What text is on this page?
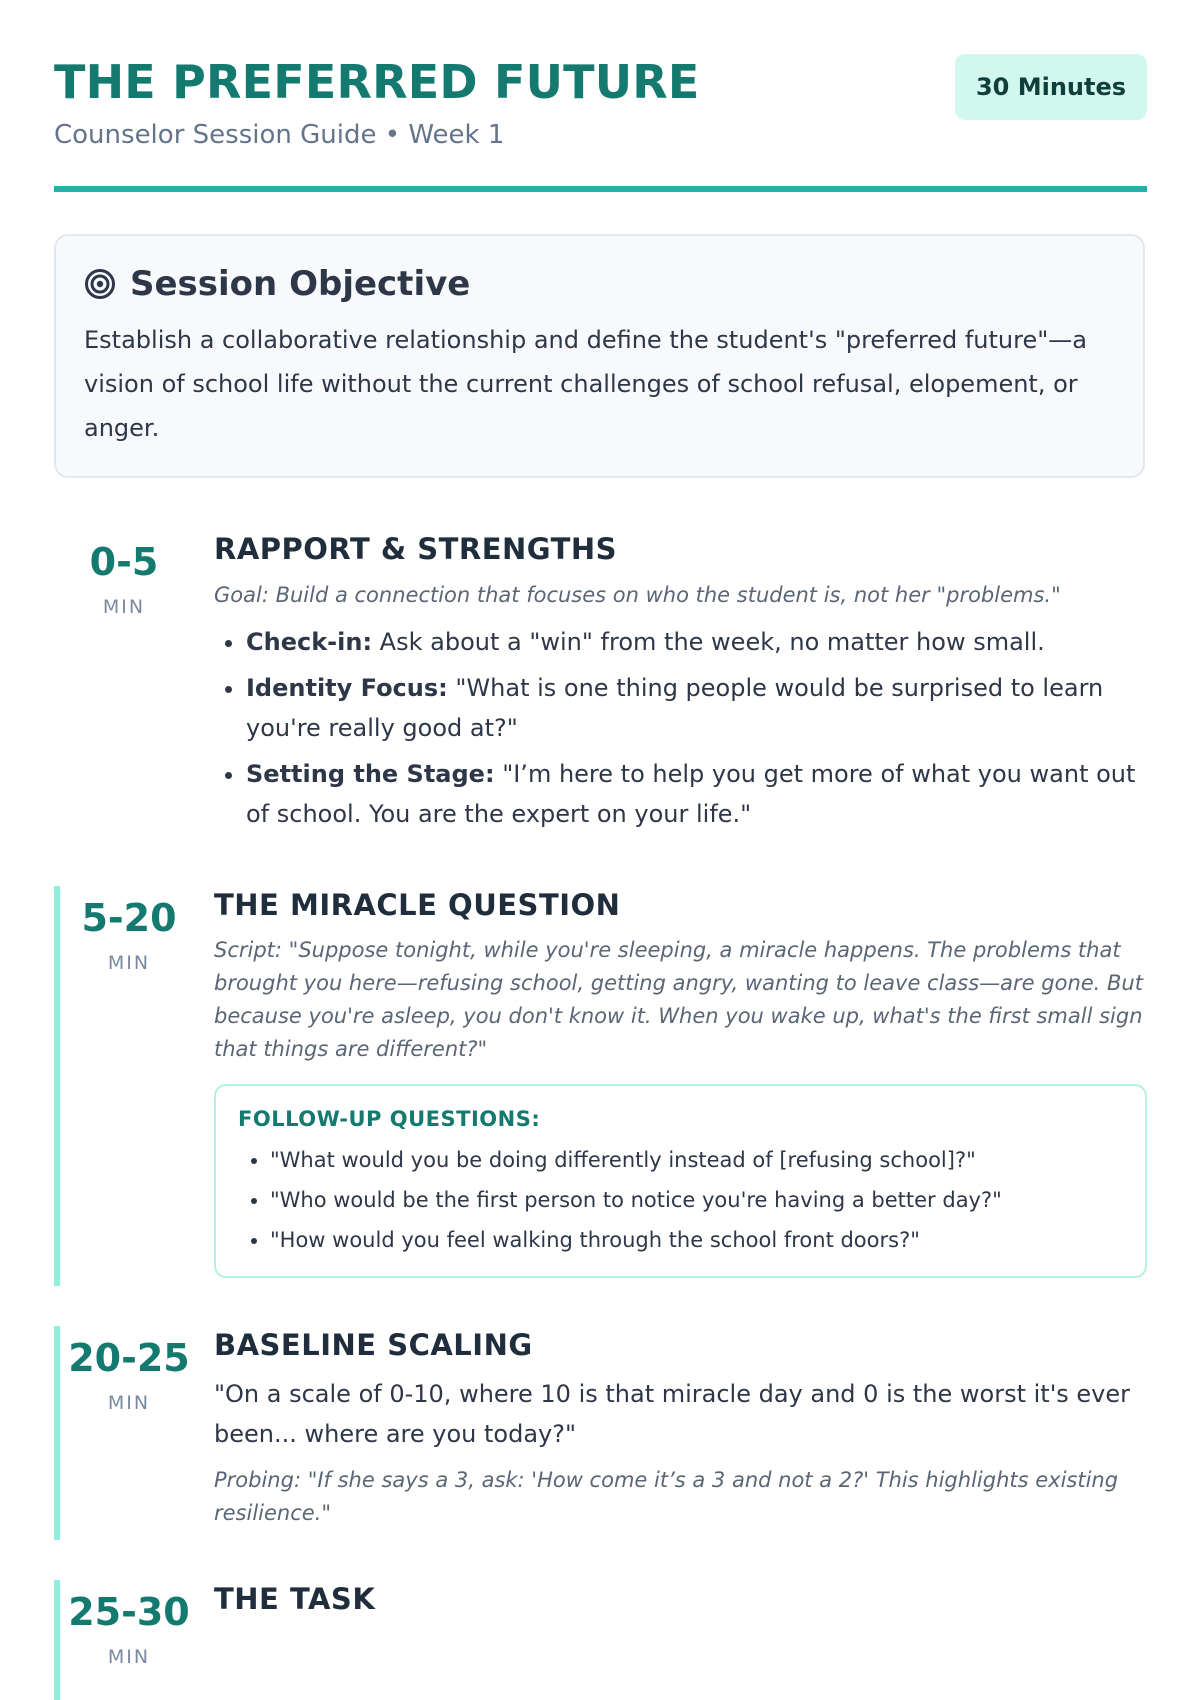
THE PREFERRED FUTURE
Counselor Session Guide • Week 1
30 Minutes
Session Objective
Establish a collaborative relationship and define the student's "preferred future"—a vision of school life without the current challenges of school refusal, elopement, or anger.
0-5
MIN
RAPPORT & STRENGTHS
Goal: Build a connection that focuses on who the student is, not her "problems."
• Check-in: Ask about a "win" from the week, no matter how small.
• Identity Focus: "What is one thing people would be surprised to learn you're really good at?"
• Setting the Stage: "I’m here to help you get more of what you want out of school. You are the expert on your life."
5-20
MIN
THE MIRACLE QUESTION
Script: "Suppose tonight, while you're sleeping, a miracle happens. The problems that brought you here—refusing school, getting angry, wanting to leave class—are gone. But because you're asleep, you don't know it. When you wake up, what's the first small sign that things are different?"
FOLLOW-UP QUESTIONS:
• "What would you be doing differently instead of [refusing school]?"
• "Who would be the first person to notice you're having a better day?"
• "How would you feel walking through the school front doors?"
20-25
MIN
BASELINE SCALING
"On a scale of 0-10, where 10 is that miracle day and 0 is the worst it's ever been... where are you today?"
Probing: "If she says a 3, ask: 'How come it’s a 3 and not a 2?' This highlights existing resilience."
25-30
MIN
THE TASK
